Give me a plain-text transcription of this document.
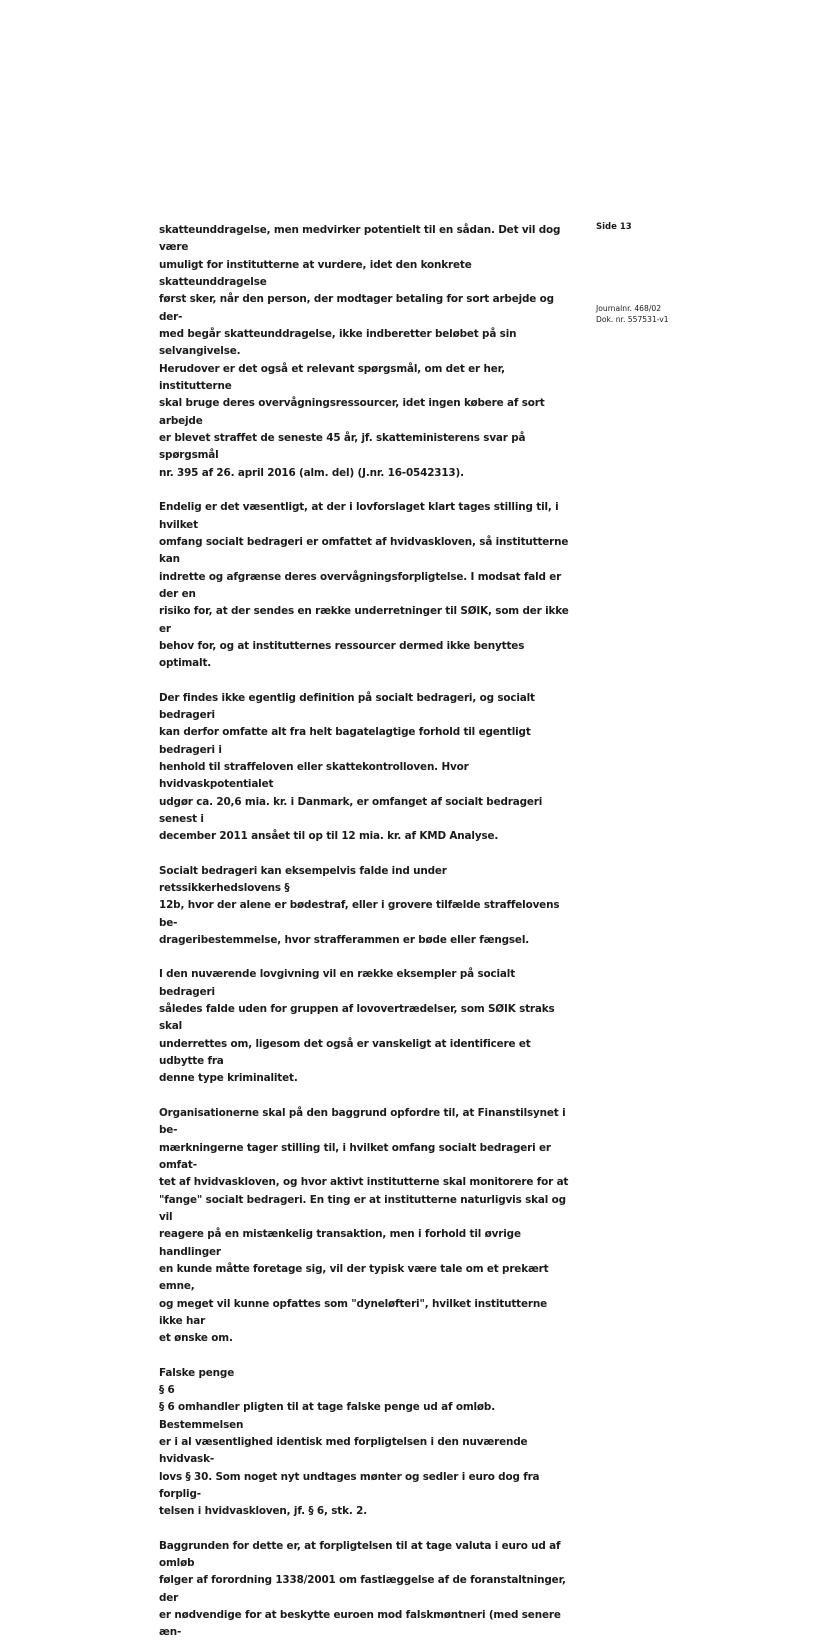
Side 13
Journalnr. 468/02
Dok. nr. 557531-v1

skatteunddragelse, men medvirker potentielt til en sådan. Det vil dog være
umuligt for institutterne at vurdere, idet den konkrete skatteunddragelse
først sker, når den person, der modtager betaling for sort arbejde og der-
med begår skatteunddragelse, ikke indberetter beløbet på sin selvangivelse.
Herudover er det også et relevant spørgsmål, om det er her, institutterne
skal bruge deres overvågningsressourcer, idet ingen købere af sort arbejde
er blevet straffet de seneste 45 år, jf. skatteministerens svar på spørgsmål
nr. 395 af 26. april 2016 (alm. del) (J.nr. 16-0542313).

Endelig er det væsentligt, at der i lovforslaget klart tages stilling til, i hvilket
omfang socialt bedrageri er omfattet af hvidvaskloven, så institutterne kan
indrette og afgrænse deres overvågningsforpligtelse. I modsat fald er der en
risiko for, at der sendes en række underretninger til SØIK, som der ikke er
behov for, og at institutternes ressourcer dermed ikke benyttes optimalt.

Der findes ikke egentlig definition på socialt bedrageri, og socialt bedrageri
kan derfor omfatte alt fra helt bagatelagtige forhold til egentligt bedrageri i
henhold til straffeloven eller skattekontrolloven. Hvor hvidvaskpotentialet
udgør ca. 20,6 mia. kr. i Danmark, er omfanget af socialt bedrageri senest i
december 2011 ansået til op til 12 mia. kr. af KMD Analyse.

Socialt bedrageri kan eksempelvis falde ind under retssikkerhedslovens §
12b, hvor der alene er bødestraf, eller i grovere tilfælde straffelovens be-
drageribestemmelse, hvor strafferammen er bøde eller fængsel.

I den nuværende lovgivning vil en række eksempler på socialt bedrageri
således falde uden for gruppen af lovovertrædelser, som SØIK straks skal
underrettes om, ligesom det også er vanskeligt at identificere et udbytte fra
denne type kriminalitet.

Organisationerne skal på den baggrund opfordre til, at Finanstilsynet i be-
mærkningerne tager stilling til, i hvilket omfang socialt bedrageri er omfat-
tet af hvidvaskloven, og hvor aktivt institutterne skal monitorere for at
"fange" socialt bedrageri. En ting er at institutterne naturligvis skal og vil
reagere på en mistænkelig transaktion, men i forhold til øvrige handlinger
en kunde måtte foretage sig, vil der typisk være tale om et prekært emne,
og meget vil kunne opfattes som "dyneløfteri", hvilket institutterne ikke har
et ønske om.

Falske penge

§ 6

§ 6 omhandler pligten til at tage falske penge ud af omløb. Bestemmelsen
er i al væsentlighed identisk med forpligtelsen i den nuværende hvidvask-
lovs § 30. Som noget nyt undtages mønter og sedler i euro dog fra forplig-
telsen i hvidvaskloven, jf. § 6, stk. 2.

Baggrunden for dette er, at forpligtelsen til at tage valuta i euro ud af omløb
følger af forordning 1338/2001 om fastlæggelse af de foranstaltninger, der
er nødvendige for at beskytte euroen mod falskmøntneri (med senere æn-
